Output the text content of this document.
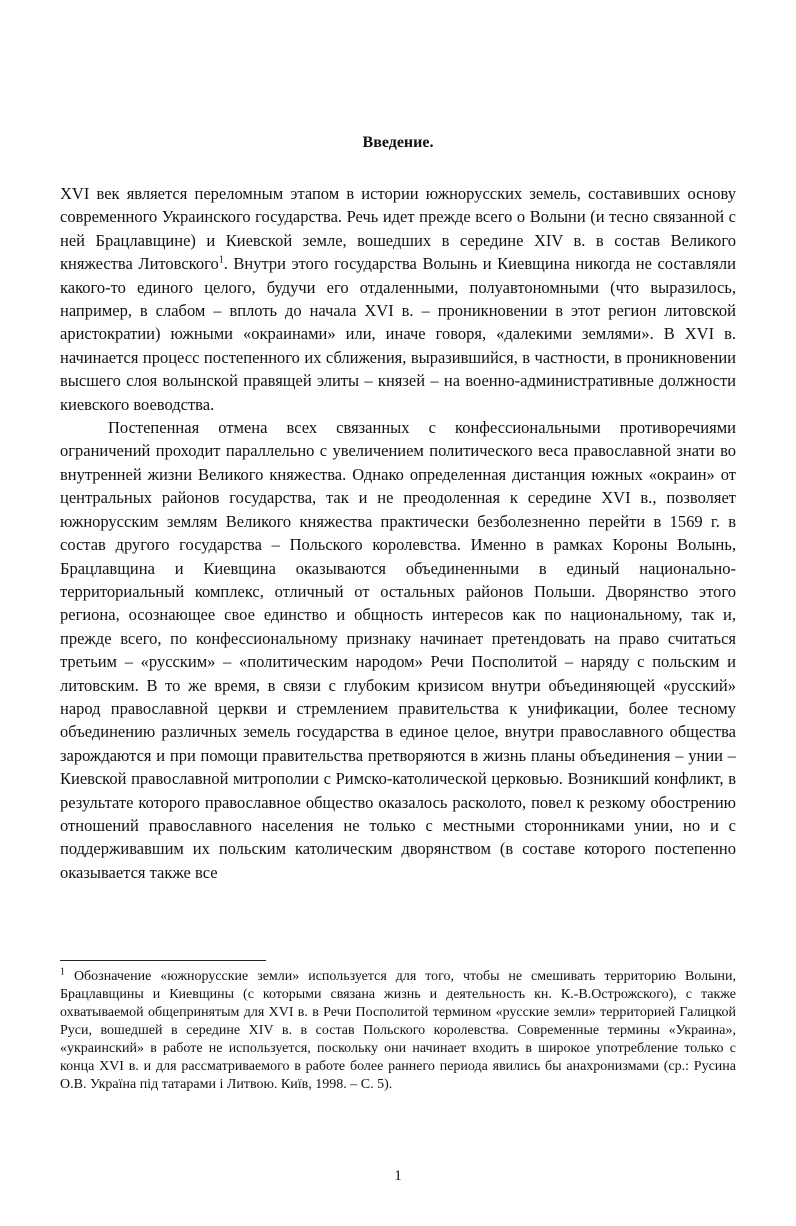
Введение.

XVI век является переломным этапом в истории южнорусских земель, составивших основу современного Украинского государства. Речь идет прежде всего о Волыни (и тесно связанной с ней Брацлавщине) и Киевской земле, вошедших в середине XIV в. в состав Великого княжества Литовского$^1$. Внутри этого государства Волынь и Киевщина никогда не составляли какого-то единого целого, будучи его отдаленными, полуавтономными (что выразилось, например, в слабом – вплоть до начала XVI в. – проникновении в этот регион литовской аристократии) южными «окраинами» или, иначе говоря, «далекими землями». В XVI в. начинается процесс постепенного их сближения, выразившийся, в частности, в проникновении высшего слоя волынской правящей элиты – князей – на военно-административные должности киевского воеводства.

Постепенная отмена всех связанных с конфессиональными противоречиями ограничений проходит параллельно с увеличением политического веса православной знати во внутренней жизни Великого княжества. Однако определенная дистанция южных «окраин» от центральных районов государства, так и не преодоленная к середине XVI в., позволяет южнорусским землям Великого княжества практически безболезненно перейти в 1569 г. в состав другого государства – Польского королевства. Именно в рамках Короны Волынь, Брацлавщина и Киевщина оказываются объединенными в единый национально-территориальный комплекс, отличный от остальных районов Польши. Дворянство этого региона, осознающее свое единство и общность интересов как по национальному, так и, прежде всего, по конфессиональному признаку начинает претендовать на право считаться третьим – «русским» – «политическим народом» Речи Посполитой – наряду с польским и литовским. В то же время, в связи с глубоким кризисом внутри объединяющей «русский» народ православной церкви и стремлением правительства к унификации, более тесному объединению различных земель государства в единое целое, внутри православного общества зарождаются и при помощи правительства претворяются в жизнь планы объединения – унии – Киевской православной митрополии с Римско-католической церковью. Возникший конфликт, в результате которого православное общество оказалось расколото, повел к резкому обострению отношений православного населения не только с местными сторонниками унии, но и с поддерживавшим их польским католическим дворянством (в составе которого постепенно оказывается также все

$^1$ Обозначение «южнорусские земли» используется для того, чтобы не смешивать территорию Волыни, Брацлавщины и Киевщины (с которыми связана жизнь и деятельность кн. К.-В.Острожского), с также охватываемой общепринятым для XVI в. в Речи Посполитой термином «русские земли» территорией Галицкой Руси, вошедшей в середине XIV в. в состав Польского королевства. Современные термины «Украина», «украинский» в работе не используется, поскольку они начинает входить в широкое употребление только с конца XVI в. и для рассматриваемого в работе более раннего периода явились бы анахронизмами (ср.: Русина О.В. Україна під татарами і Литвою. Київ, 1998. – С. 5).

1
